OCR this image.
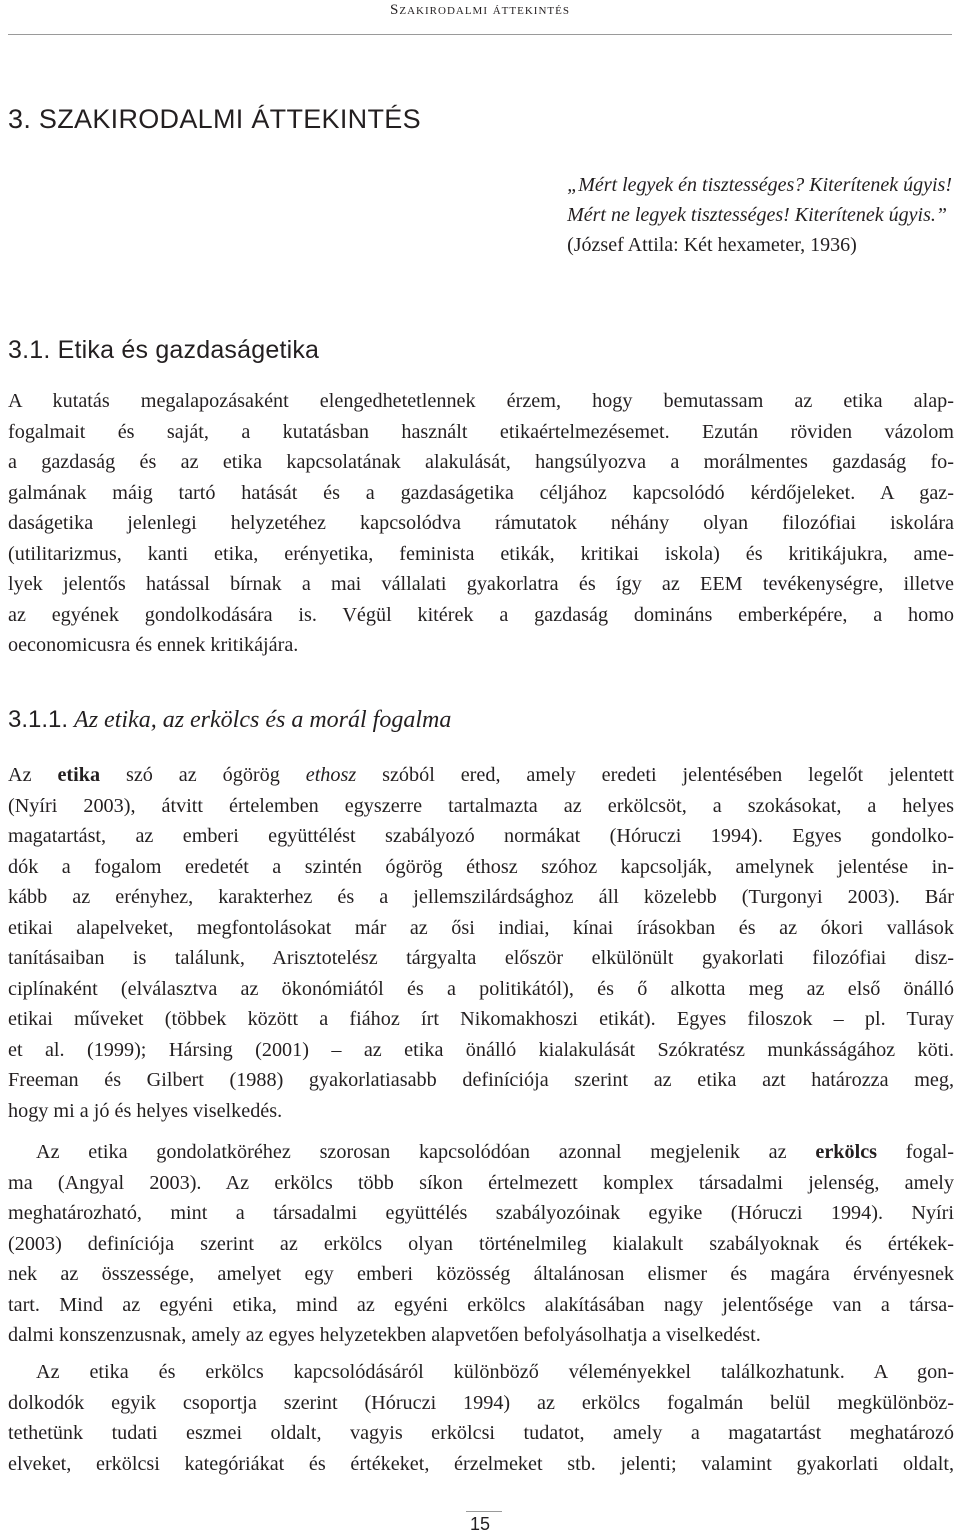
Szakirodalmi áttekintés
3. SZAKIRODALMI ÁTTEKINTÉS
„Mért legyek én tisztességes? Kiterítenek úgyis!
Mért ne legyek tisztességes! Kiterítenek úgyis.”
(József Attila: Két hexameter, 1936)
3.1. Etika és gazdaságetika
A kutatás megalapozásaként elengedhetetlennek érzem, hogy bemutassam az etika alap-
fogalmait és saját, a kutatásban használt etikaértelmezésemet. Ezután röviden vázolom
a gazdaság és az etika kapcsolatának alakulását, hangsúlyozva a morálmentes gazdaság fo-
galmának máig tartó hatását és a gazdaságetika céljához kapcsolódó kérdőjeleket. A gaz-
daságetika jelenlegi helyzetéhez kapcsolódva rámutatok néhány olyan filozófiai iskolára
(utilitarizmus, kanti etika, erényetika, feminista etikák, kritikai iskola) és kritikájukra, ame-
lyek jelentős hatással bírnak a mai vállalati gyakorlatra és így az EEM tevékenységre, illetve
az egyének gondolkodására is. Végül kitérek a gazdaság domináns emberképére, a homo
oeconomicusra és ennek kritikájára.
3.1.1. Az etika, az erkölcs és a morál fogalma
Az etika szó az ógörög ethosz szóból ered, amely eredeti jelentésében legelőt jelentett
(Nyíri 2003), átvitt értelemben egyszerre tartalmazta az erkölcsöt, a szokásokat, a helyes
magatartást, az emberi együttélést szabályozó normákat (Hóruczi 1994). Egyes gondolko-
dók a fogalom eredetét a szintén ógörög éthosz szóhoz kapcsolják, amelynek jelentése in-
kább az erényhez, karakterhez és a jellemszilárdsághoz áll közelebb (Turgonyi 2003). Bár
etikai alapelveket, megfontolásokat már az ősi indiai, kínai írásokban és az ókori vallások
tanításaiban is találunk, Arisztotelész tárgyalta először elkülönült gyakorlati filozófiai disz-
ciplínaként (elválasztva az ökonómiától és a politikától), és ő alkotta meg az első önálló
etikai műveket (többek között a fiához írt Nikomakhoszi etikát). Egyes filoszok – pl. Turay
et al. (1999); Hársing (2001) – az etika önálló kialakulását Szókratész munkásságához köti.
Freeman és Gilbert (1988) gyakorlatiasabb definíciója szerint az etika azt határozza meg,
hogy mi a jó és helyes viselkedés.
Az etika gondolatköréhez szorosan kapcsolódóan azonnal megjelenik az erkölcs fogal-
ma (Angyal 2003). Az erkölcs több síkon értelmezett komplex társadalmi jelenség, amely
meghatározható, mint a társadalmi együttélés szabályozóinak egyike (Hóruczi 1994). Nyíri
(2003) definíciója szerint az erkölcs olyan történelmileg kialakult szabályoknak és értékek-
nek az összessége, amelyet egy emberi közösség általánosan elismer és magára érvényesnek
tart. Mind az egyéni etika, mind az egyéni erkölcs alakításában nagy jelentősége van a társa-
dalmi konszenzusnak, amely az egyes helyzetekben alapvetően befolyásolhatja a viselkedést.
Az etika és erkölcs kapcsolódásáról különböző véleményekkel találkozhatunk. A gon-
dolkodók egyik csoportja szerint (Hóruczi 1994) az erkölcs fogalmán belül megkülönböz-
tethetünk tudati eszmei oldalt, vagyis erkölcsi tudatot, amely a magatartást meghatározó
elveket, erkölcsi kategóriákat és értékeket, érzelmeket stb. jelenti; valamint gyakorlati oldalt,
15
